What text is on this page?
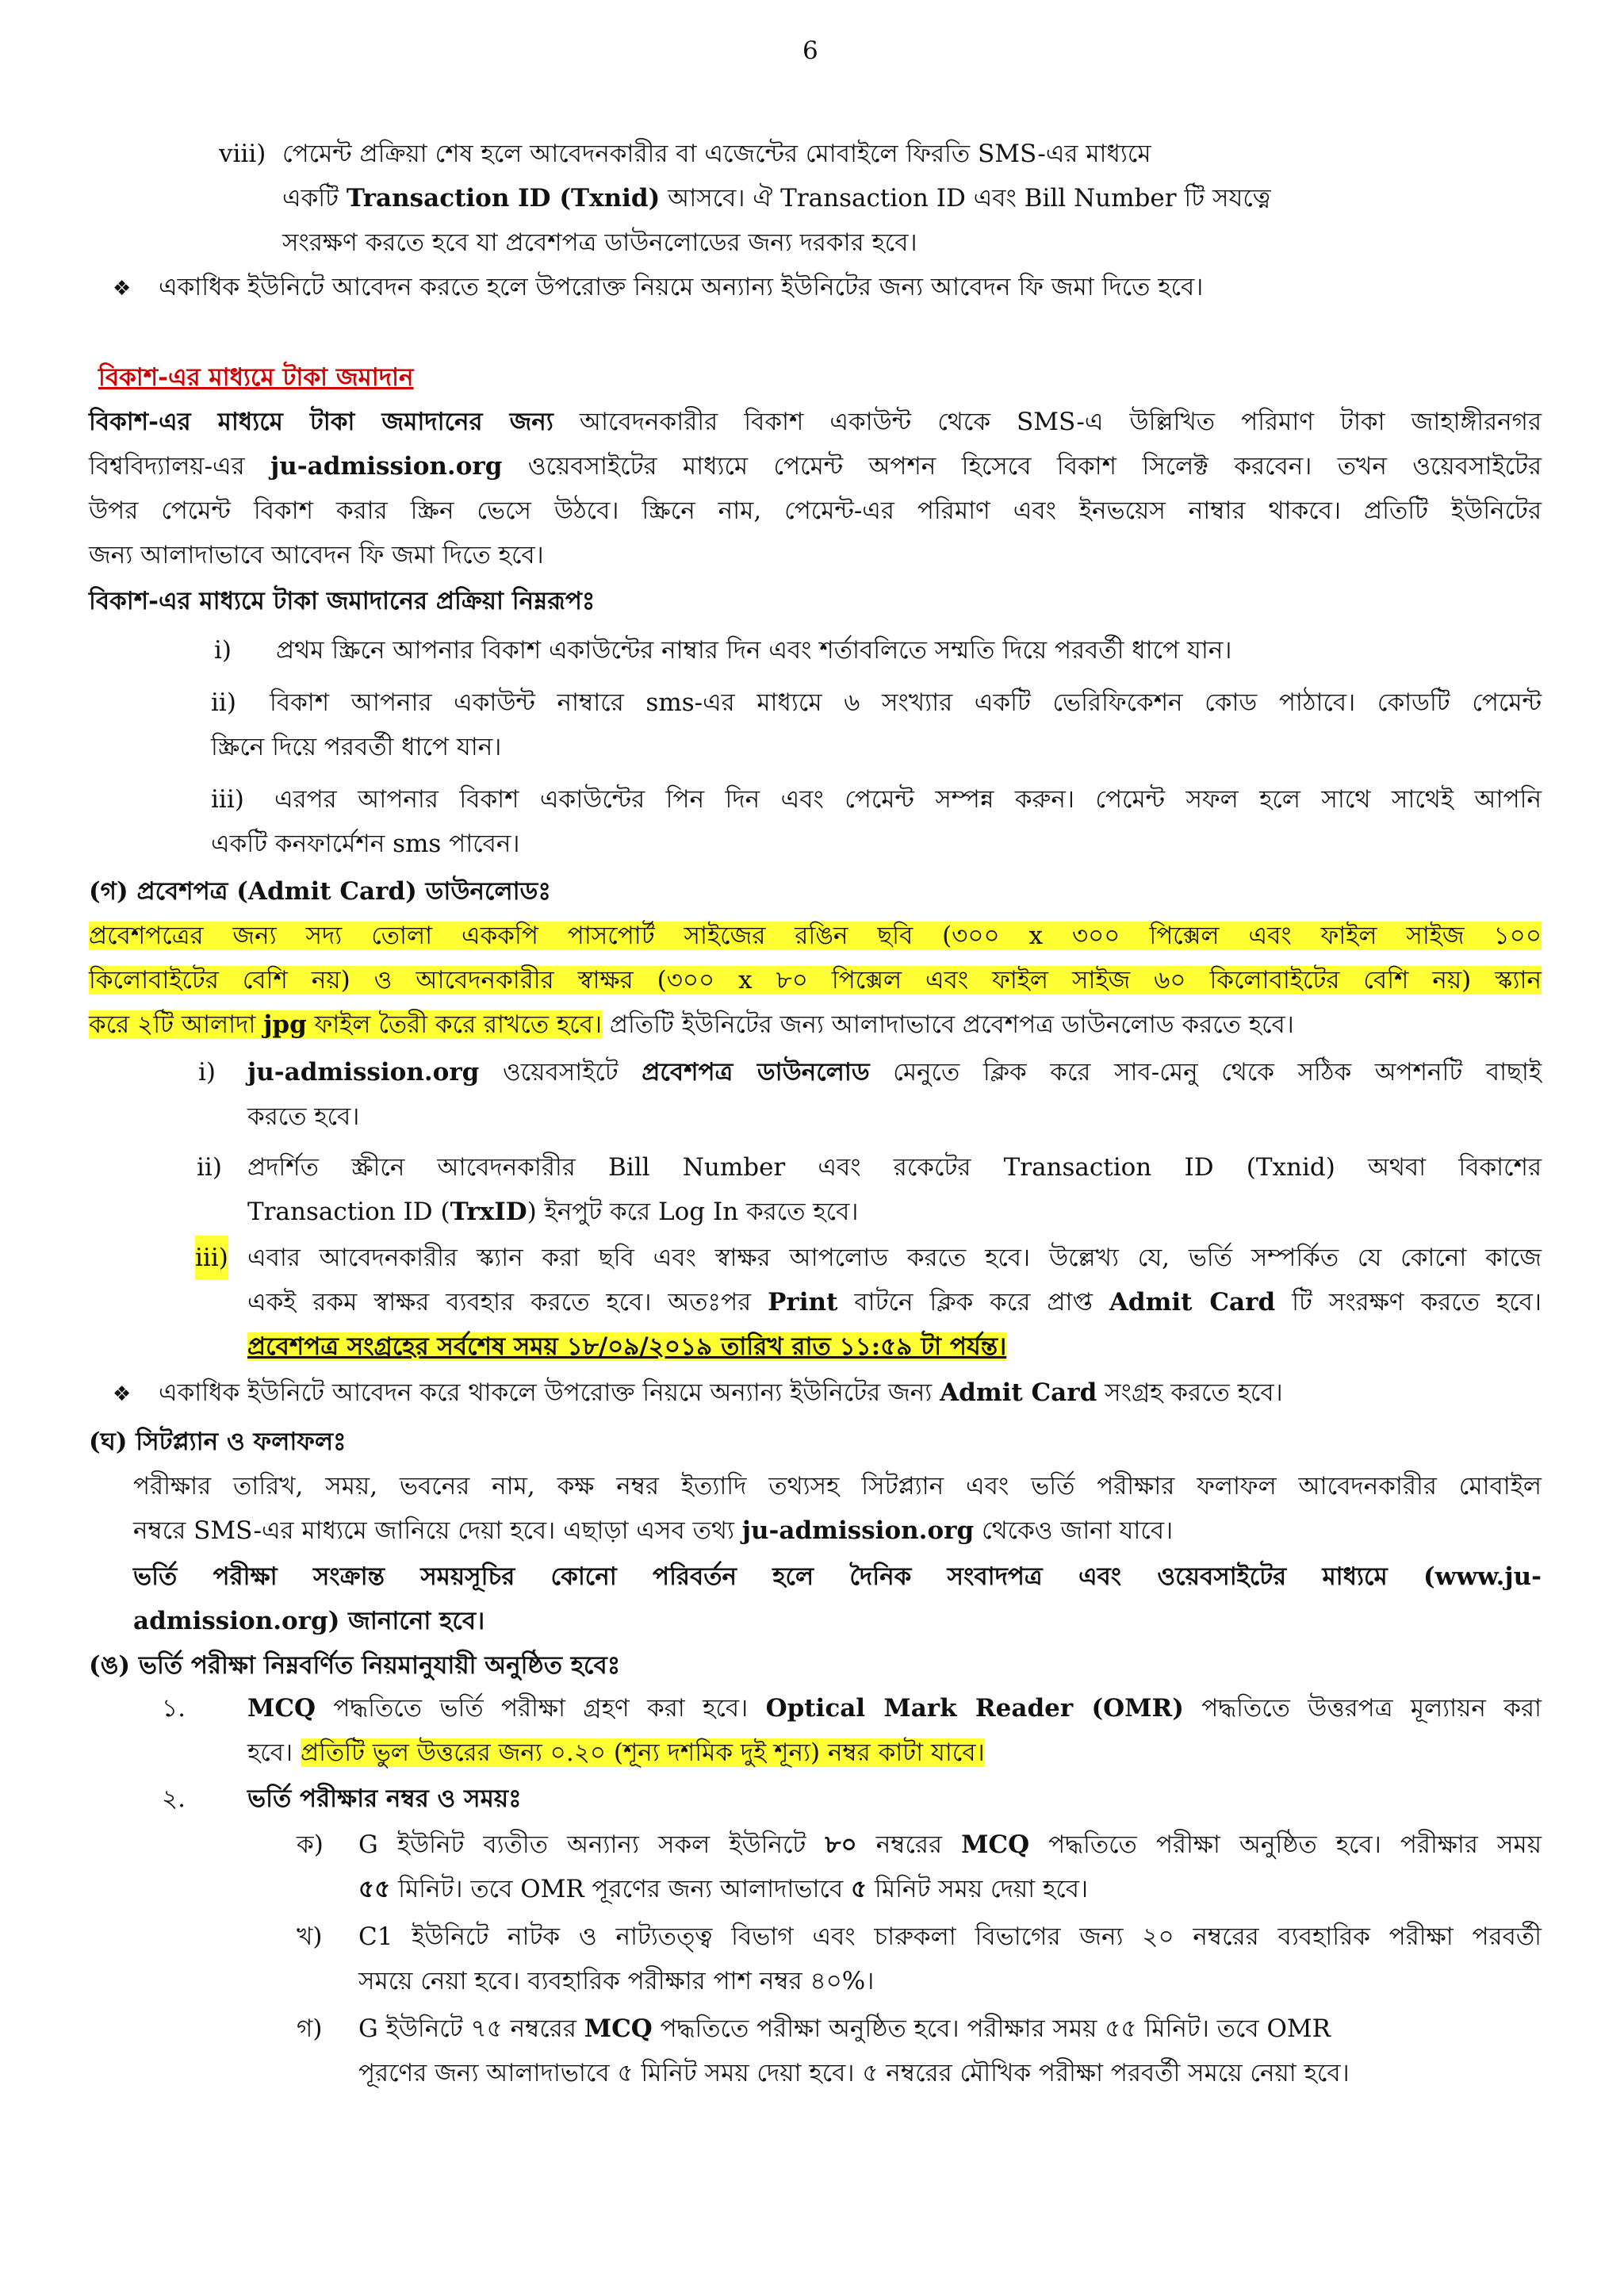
6
viii) পেমেন্ট প্রক্রিয়া শেষ হলে আবেদনকারীর বা এজেন্টের মোবাইলে ফিরতি SMS-এর মাধ্যমে
একটি Transaction ID (Txnid) আসবে। ঐ Transaction ID এবং Bill Number টি সযত্নে
সংরক্ষণ করতে হবে যা প্রবেশপত্র ডাউনলোডের জন্য দরকার হবে।
❖ একাধিক ইউনিটে আবেদন করতে হলে উপরোক্ত নিয়মে অন্যান্য ইউনিটের জন্য আবেদন ফি জমা দিতে হবে।
বিকাশ-এর মাধ্যমে টাকা জমাদান
বিকাশ-এর মাধ্যমে টাকা জমাদানের জন্য আবেদনকারীর বিকাশ একাউন্ট থেকে SMS-এ উল্লিখিত পরিমাণ টাকা জাহাঙ্গীরনগর
বিশ্ববিদ্যালয়-এর ju-admission.org ওয়েবসাইটের মাধ্যমে পেমেন্ট অপশন হিসেবে বিকাশ সিলেক্ট করবেন। তখন ওয়েবসাইটের
উপর পেমেন্ট বিকাশ করার স্ক্রিন ভেসে উঠবে। স্ক্রিনে নাম, পেমেন্ট-এর পরিমাণ এবং ইনভয়েস নাম্বার থাকবে। প্রতিটি ইউনিটের
জন্য আলাদাভাবে আবেদন ফি জমা দিতে হবে।
বিকাশ-এর মাধ্যমে টাকা জমাদানের প্রক্রিয়া নিম্নরূপঃ
i) প্রথম স্ক্রিনে আপনার বিকাশ একাউন্টের নাম্বার দিন এবং শর্তাবলিতে সম্মতি দিয়ে পরবর্তী ধাপে যান।
ii) বিকাশ আপনার একাউন্ট নাম্বারে sms-এর মাধ্যমে ৬ সংখ্যার একটি ভেরিফিকেশন কোড পাঠাবে। কোডটি পেমেন্ট
স্ক্রিনে দিয়ে পরবর্তী ধাপে যান।
iii) এরপর আপনার বিকাশ একাউন্টের পিন দিন এবং পেমেন্ট সম্পন্ন করুন। পেমেন্ট সফল হলে সাথে সাথেই আপনি
একটি কনফার্মেশন sms পাবেন।
(গ) প্রবেশপত্র (Admit Card) ডাউনলোডঃ
প্রবেশপত্রের জন্য সদ্য তোলা এককপি পাসপোর্ট সাইজের রঙিন ছবি (৩০০ x ৩০০ পিক্সেল এবং ফাইল সাইজ ১০০
কিলোবাইটের বেশি নয়) ও আবেদনকারীর স্বাক্ষর (৩০০ x ৮০ পিক্সেল এবং ফাইল সাইজ ৬০ কিলোবাইটের বেশি নয়) স্ক্যান
করে ২টি আলাদা jpg ফাইল তৈরী করে রাখতে হবে। প্রতিটি ইউনিটের জন্য আলাদাভাবে প্রবেশপত্র ডাউনলোড করতে হবে।
i) ju-admission.org ওয়েবসাইটে প্রবেশপত্র ডাউনলোড মেনুতে ক্লিক করে সাব-মেনু থেকে সঠিক অপশনটি বাছাই
করতে হবে।
ii) প্রদর্শিত স্ক্রীনে আবেদনকারীর Bill Number এবং রকেটের Transaction ID (Txnid) অথবা বিকাশের
Transaction ID (TrxID) ইনপুট করে Log In করতে হবে।
iii) এবার আবেদনকারীর স্ক্যান করা ছবি এবং স্বাক্ষর আপলোড করতে হবে। উল্লেখ্য যে, ভর্তি সম্পর্কিত যে কোনো কাজে
একই রকম স্বাক্ষর ব্যবহার করতে হবে। অতঃপর Print বাটনে ক্লিক করে প্রাপ্ত Admit Card টি সংরক্ষণ করতে হবে।
প্রবেশপত্র সংগ্রহের সর্বশেষ সময় ১৮/০৯/২০১৯ তারিখ রাত ১১:৫৯ টা পর্যন্ত।
❖ একাধিক ইউনিটে আবেদন করে থাকলে উপরোক্ত নিয়মে অন্যান্য ইউনিটের জন্য Admit Card সংগ্রহ করতে হবে।
(ঘ) সিটপ্ল্যান ও ফলাফলঃ
পরীক্ষার তারিখ, সময়, ভবনের নাম, কক্ষ নম্বর ইত্যাদি তথ্যসহ সিটপ্ল্যান এবং ভর্তি পরীক্ষার ফলাফল আবেদনকারীর মোবাইল
নম্বরে SMS-এর মাধ্যমে জানিয়ে দেয়া হবে। এছাড়া এসব তথ্য ju-admission.org থেকেও জানা যাবে।
ভর্তি পরীক্ষা সংক্রান্ত সময়সূচির কোনো পরিবর্তন হলে দৈনিক সংবাদপত্র এবং ওয়েবসাইটের মাধ্যমে (www.ju-
admission.org) জানানো হবে।
(ঙ) ভর্তি পরীক্ষা নিম্নবর্ণিত নিয়মানুযায়ী অনুষ্ঠিত হবেঃ
১.	MCQ পদ্ধতিতে ভর্তি পরীক্ষা গ্রহণ করা হবে। Optical Mark Reader (OMR) পদ্ধতিতে উত্তরপত্র মূল্যায়ন করা
হবে। প্রতিটি ভুল উত্তরের জন্য ০.২০ (শূন্য দশমিক দুই শূন্য) নম্বর কাটা যাবে।
২.	ভর্তি পরীক্ষার নম্বর ও সময়ঃ
ক) G ইউনিট ব্যতীত অন্যান্য সকল ইউনিটে ৮০ নম্বরের MCQ পদ্ধতিতে পরীক্ষা অনুষ্ঠিত হবে। পরীক্ষার সময়
৫৫ মিনিট। তবে OMR পূরণের জন্য আলাদাভাবে ৫ মিনিট সময় দেয়া হবে।
খ) C1 ইউনিটে নাটক ও নাট্যতত্ত্ব বিভাগ এবং চারুকলা বিভাগের জন্য ২০ নম্বরের ব্যবহারিক পরীক্ষা পরবর্তী
সময়ে নেয়া হবে। ব্যবহারিক পরীক্ষার পাশ নম্বর ৪০%।
গ) G ইউনিটে ৭৫ নম্বরের MCQ পদ্ধতিতে পরীক্ষা অনুষ্ঠিত হবে। পরীক্ষার সময় ৫৫ মিনিট। তবে OMR
পূরণের জন্য আলাদাভাবে ৫ মিনিট সময় দেয়া হবে। ৫ নম্বরের মৌখিক পরীক্ষা পরবর্তী সময়ে নেয়া হবে।
